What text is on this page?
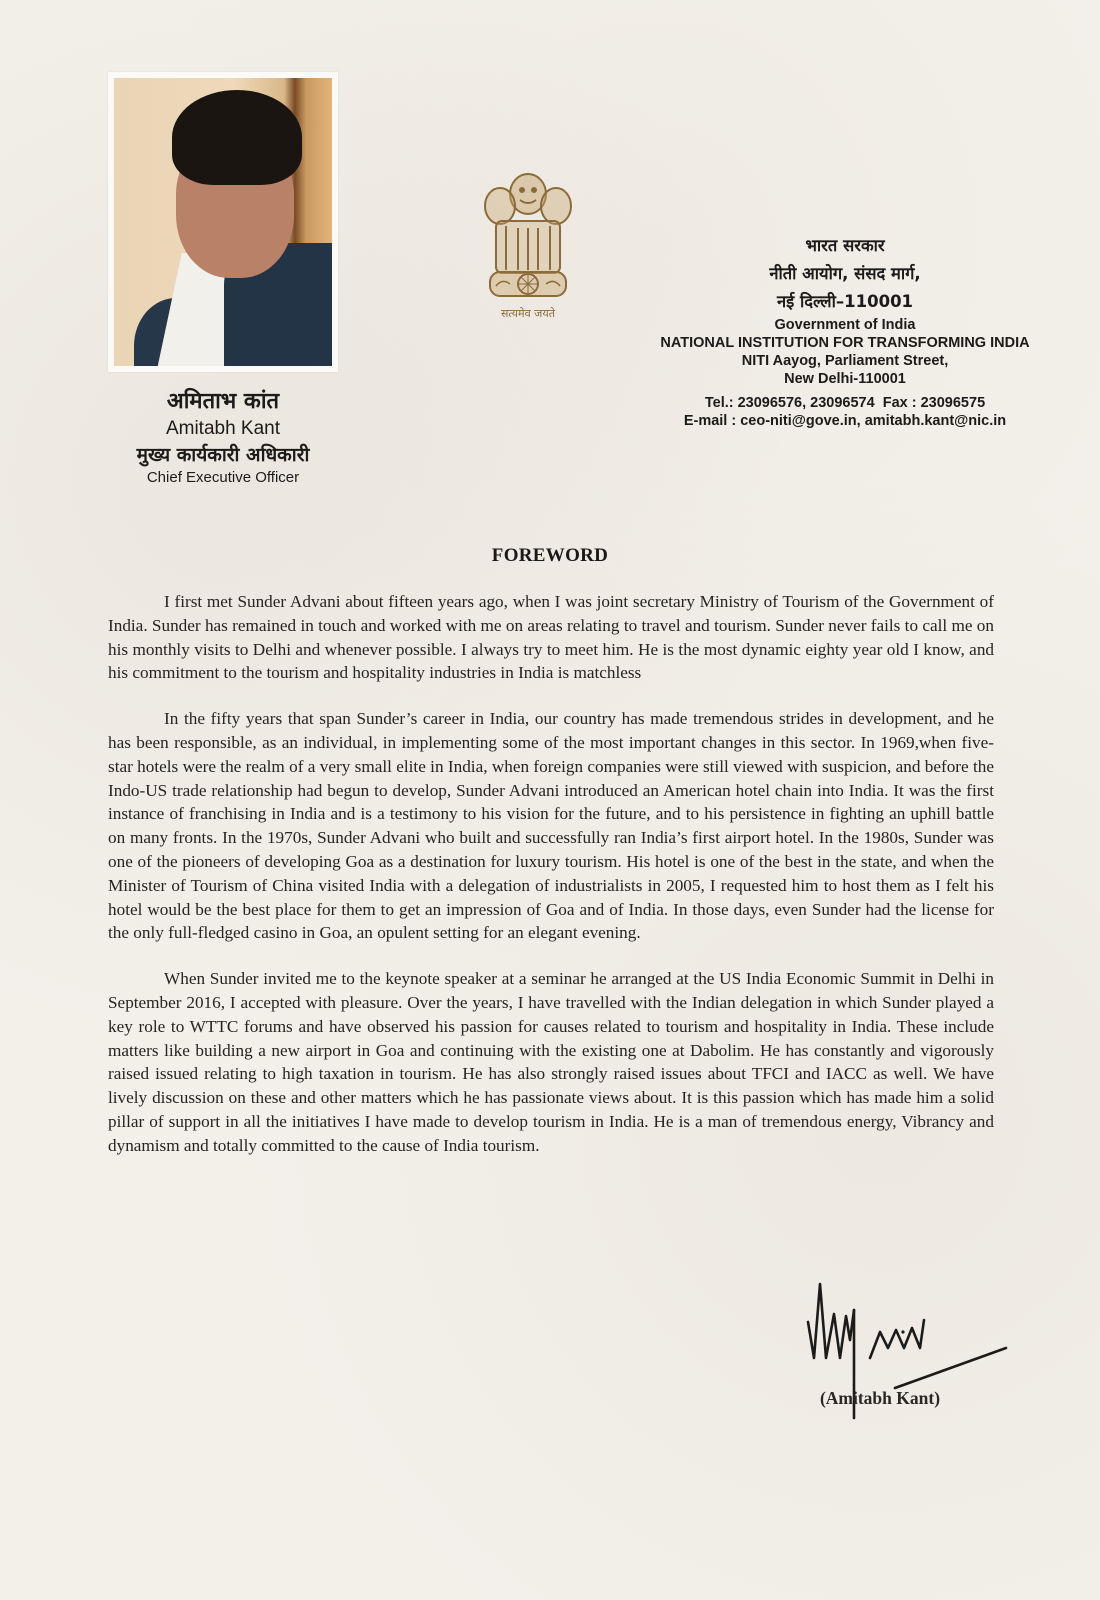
अमिताभ कांत
Amitabh Kant
मुख्य कार्यकारी अधिकारी
Chief Executive Officer
सत्यमेव जयते
भारत सरकार
नीती आयोग, संसद मार्ग,
नई दिल्ली–110001
Government of India
NATIONAL INSTITUTION FOR TRANSFORMING INDIA
NITI Aayog, Parliament Street,
New Delhi-110001
Tel.: 23096576, 23096574  Fax : 23096575
E-mail : ceo-niti@gove.in, amitabh.kant@nic.in
FOREWORD

I first met Sunder Advani about fifteen years ago, when I was joint secretary Ministry of Tourism of the Government of India. Sunder has remained in touch and worked with me on areas relating to travel and tourism. Sunder never fails to call me on his monthly visits to Delhi and whenever possible. I always try to meet him. He is the most dynamic eighty year old I know, and his commitment to the tourism and hospitality industries in India is matchless

In the fifty years that span Sunder’s career in India, our country has made tremendous strides in development, and he has been responsible, as an individual, in implementing some of the most important changes in this sector. In 1969,when five-star hotels were the realm of a very small elite in India, when foreign companies were still viewed with suspicion, and before the Indo-US trade relationship had begun to develop, Sunder Advani introduced an American hotel chain into India. It was the first instance of franchising in India and is a testimony to his vision for the future, and to his persistence in fighting an uphill battle on many fronts. In the 1970s, Sunder Advani who built and successfully ran India’s first airport hotel. In the 1980s, Sunder was one of the pioneers of developing Goa as a destination for luxury tourism. His hotel is one of the best in the state, and when the Minister of Tourism of China visited India with a delegation of industrialists in 2005, I requested him to host them as I felt his hotel would be the best place for them to get an impression of Goa and of India. In those days, even Sunder had the license for the only full-fledged casino in Goa, an opulent setting for an elegant evening.

When Sunder invited me to the keynote speaker at a seminar he arranged at the US India Economic Summit in Delhi in September 2016, I accepted with pleasure. Over the years, I have travelled with the Indian delegation in which Sunder played a key role to WTTC forums and have observed his passion for causes related to tourism and hospitality in India. These include matters like building a new airport in Goa and continuing with the existing one at Dabolim. He has constantly and vigorously raised issued relating to high taxation in tourism. He has also strongly raised issues about TFCI and IACC as well. We have lively discussion on these and other matters which he has passionate views about. It is this passion which has made him a solid pillar of support in all the initiatives I have made to develop tourism in India. He is a man of tremendous energy, Vibrancy and dynamism and totally committed to the cause of India tourism.

(Amitabh Kant)
